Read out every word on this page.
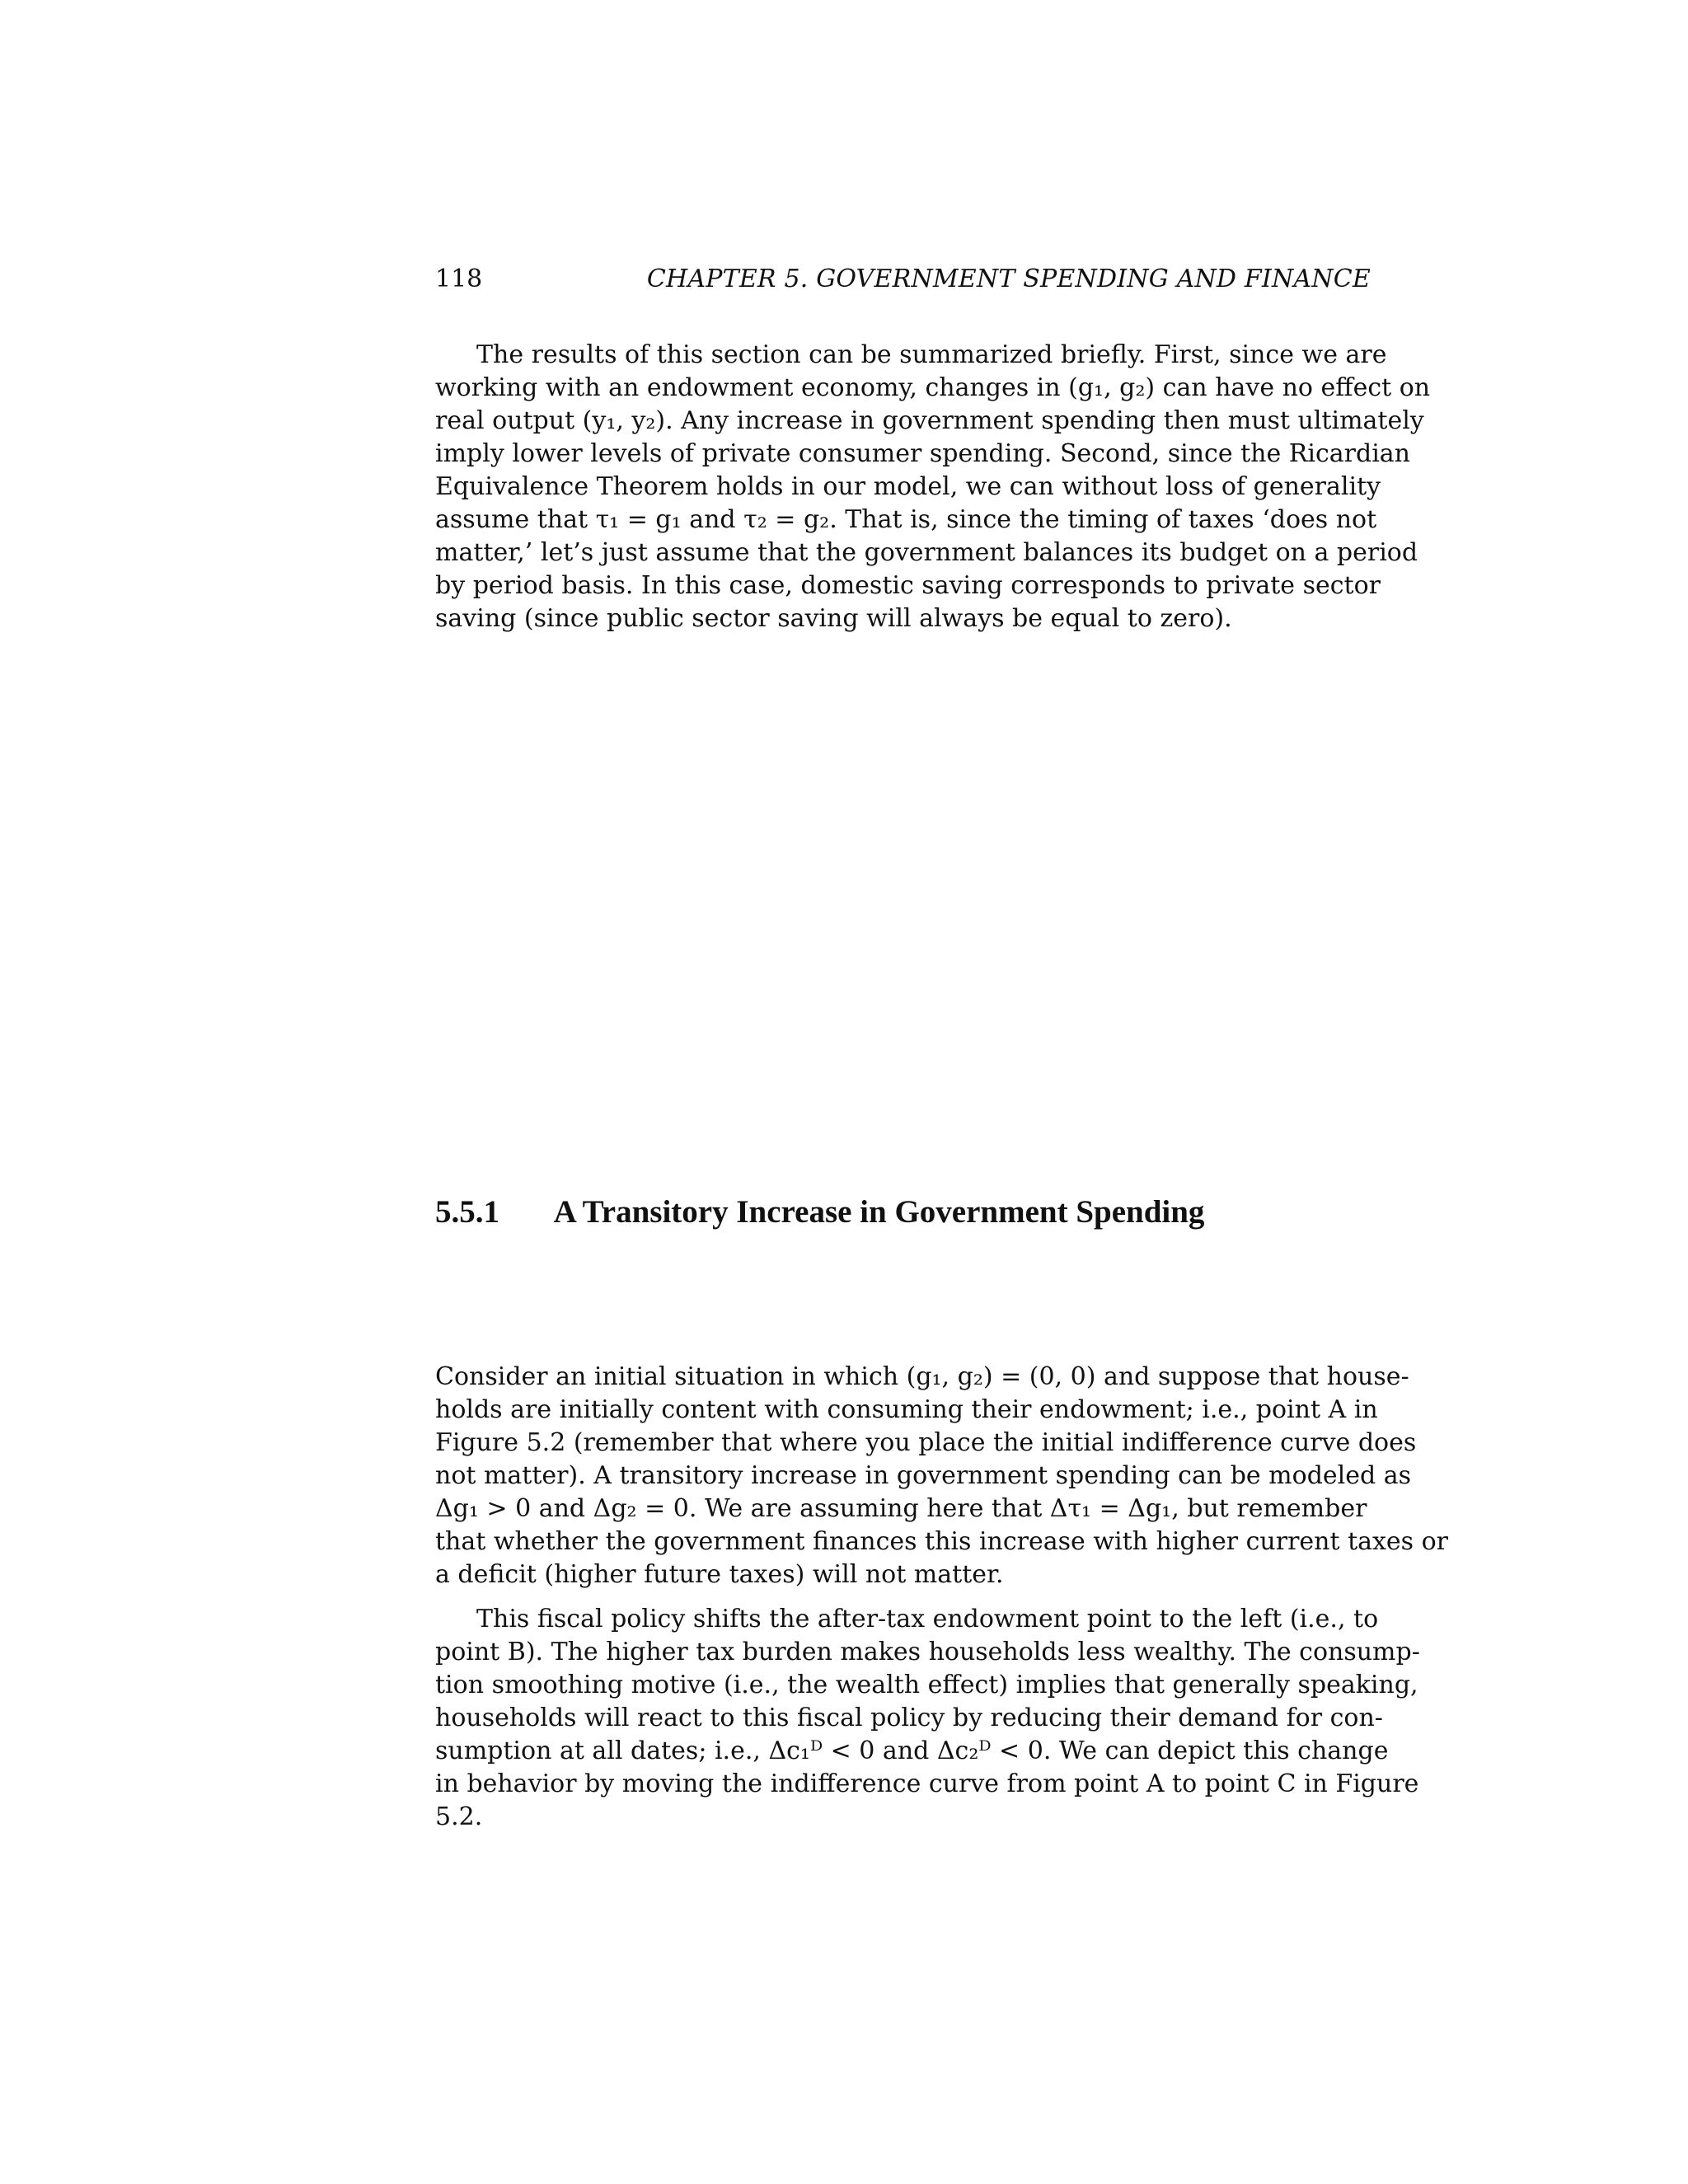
118	CHAPTER 5. GOVERNMENT SPENDING AND FINANCE
The results of this section can be summarized briefly. First, since we are
working with an endowment economy, changes in (g₁, g₂) can have no effect on
real output (y₁, y₂). Any increase in government spending then must ultimately
imply lower levels of private consumer spending. Second, since the Ricardian
Equivalence Theorem holds in our model, we can without loss of generality
assume that τ₁ = g₁ and τ₂ = g₂. That is, since the timing of taxes ‘does not
matter,’ let’s just assume that the government balances its budget on a period
by period basis. In this case, domestic saving corresponds to private sector
saving (since public sector saving will always be equal to zero).
5.5.1 A Transitory Increase in Government Spending
Consider an initial situation in which (g₁, g₂) = (0, 0) and suppose that house-
holds are initially content with consuming their endowment; i.e., point A in
Figure 5.2 (remember that where you place the initial indifference curve does
not matter). A transitory increase in government spending can be modeled as
Δg₁ > 0 and Δg₂ = 0. We are assuming here that Δτ₁ = Δg₁, but remember
that whether the government finances this increase with higher current taxes or
a deficit (higher future taxes) will not matter.
This fiscal policy shifts the after-tax endowment point to the left (i.e., to
point B). The higher tax burden makes households less wealthy. The consump-
tion smoothing motive (i.e., the wealth effect) implies that generally speaking,
households will react to this fiscal policy by reducing their demand for con-
sumption at all dates; i.e., Δc₁ᴰ < 0 and Δc₂ᴰ < 0. We can depict this change
in behavior by moving the indifference curve from point A to point C in Figure
5.2.
